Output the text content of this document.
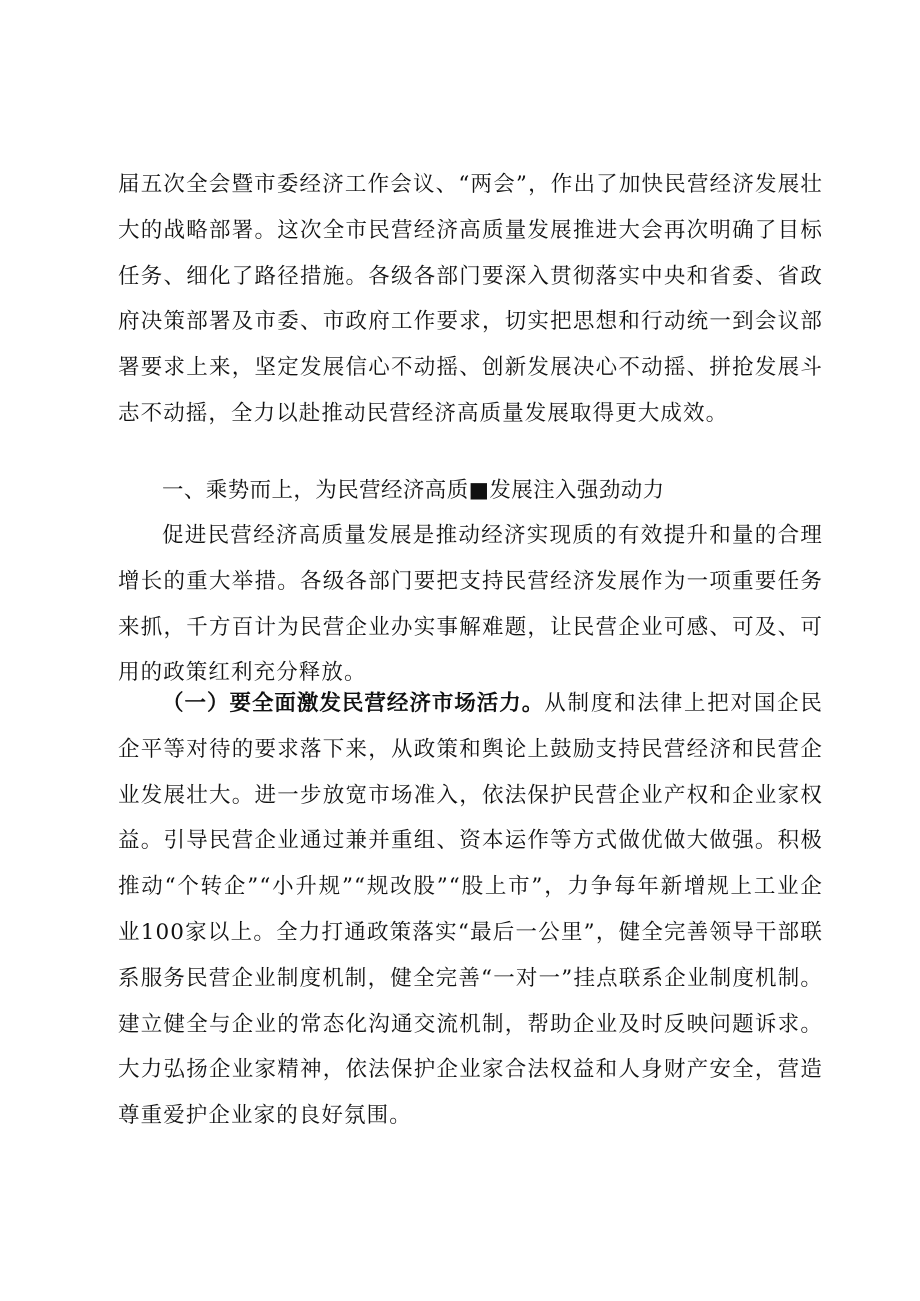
届五次全会暨市委经济工作会议、“两会”，作出了加快民营经济发展壮大的战略部署。这次全市民营经济高质量发展推进大会再次明确了目标任务、细化了路径措施。各级各部门要深入贯彻落实中央和省委、省政府决策部署及市委、市政府工作要求，切实把思想和行动统一到会议部署要求上来，坚定发展信心不动摇、创新发展决心不动摇、拼抢发展斗志不动摇，全力以赴推动民营经济高质量发展取得更大成效。

一、乘势而上，为民营经济高质■发展注入强劲动力

促进民营经济高质量发展是推动经济实现质的有效提升和量的合理增长的重大举措。各级各部门要把支持民营经济发展作为一项重要任务来抓，千方百计为民营企业办实事解难题，让民营企业可感、可及、可用的政策红利充分释放。

（一）要全面激发民营经济市场活力。从制度和法律上把对国企民企平等对待的要求落下来，从政策和舆论上鼓励支持民营经济和民营企业发展壮大。进一步放宽市场准入，依法保护民营企业产权和企业家权益。引导民营企业通过兼并重组、资本运作等方式做优做大做强。积极推动“个转企”“小升规”“规改股”“股上市”，力争每年新增规上工业企业100家以上。全力打通政策落实“最后一公里”，健全完善领导干部联系服务民营企业制度机制，健全完善“一对一”挂点联系企业制度机制。建立健全与企业的常态化沟通交流机制，帮助企业及时反映问题诉求。大力弘扬企业家精神，依法保护企业家合法权益和人身财产安全，营造尊重爱护企业家的良好氛围。
